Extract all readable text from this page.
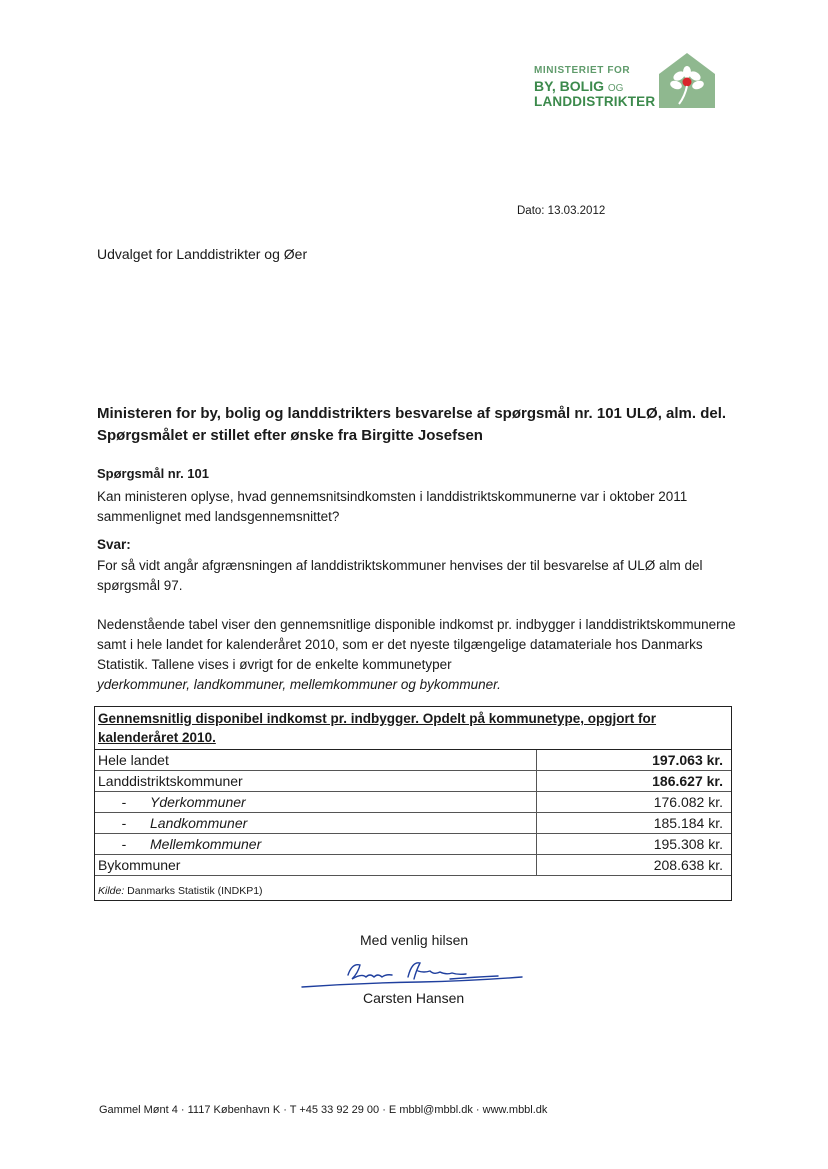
MINISTERIET FOR
BY, BOLIG OG
LANDDISTRIKTER
Dato: 13.03.2012
Udvalget for Landdistrikter og Øer
Ministeren for by, bolig og landdistrikters besvarelse af spørgsmål nr. 101 ULØ, alm. del. Spørgsmålet er stillet efter ønske fra Birgitte Josefsen
Spørgsmål nr. 101
Kan ministeren oplyse, hvad gennemsnitsindkomsten i landdistriktskommunerne var i oktober 2011 sammenlignet med landsgennemsnittet?
Svar:
For så vidt angår afgrænsningen af landdistriktskommuner henvises der til besvarelse af ULØ alm del spørgsmål 97.
Nedenstående tabel viser den gennemsnitlige disponible indkomst pr. indbygger i landdistriktskommunerne samt i hele landet for kalenderåret 2010, som er det nyeste tilgængelige datamateriale hos Danmarks Statistik. Tallene vises i øvrigt for de enkelte kommunetyper
yderkommuner, landkommuner, mellemkommuner og bykommuner.
Gennemsnitlig disponibel indkomst pr. indbygger. Opdelt på kommunetype, opgjort for kalenderåret 2010.
Hele landet	197.063 kr.
Landdistriktskommuner	186.627 kr.
- Yderkommuner	176.082 kr.
- Landkommuner	185.184 kr.
- Mellemkommuner	195.308 kr.
Bykommuner	208.638 kr.
Kilde: Danmarks Statistik (INDKP1)
Med venlig hilsen
Carsten Hansen
Gammel Mønt 4 · 1117 København K · T +45 33 92 29 00 · E mbbl@mbbl.dk · www.mbbl.dk
